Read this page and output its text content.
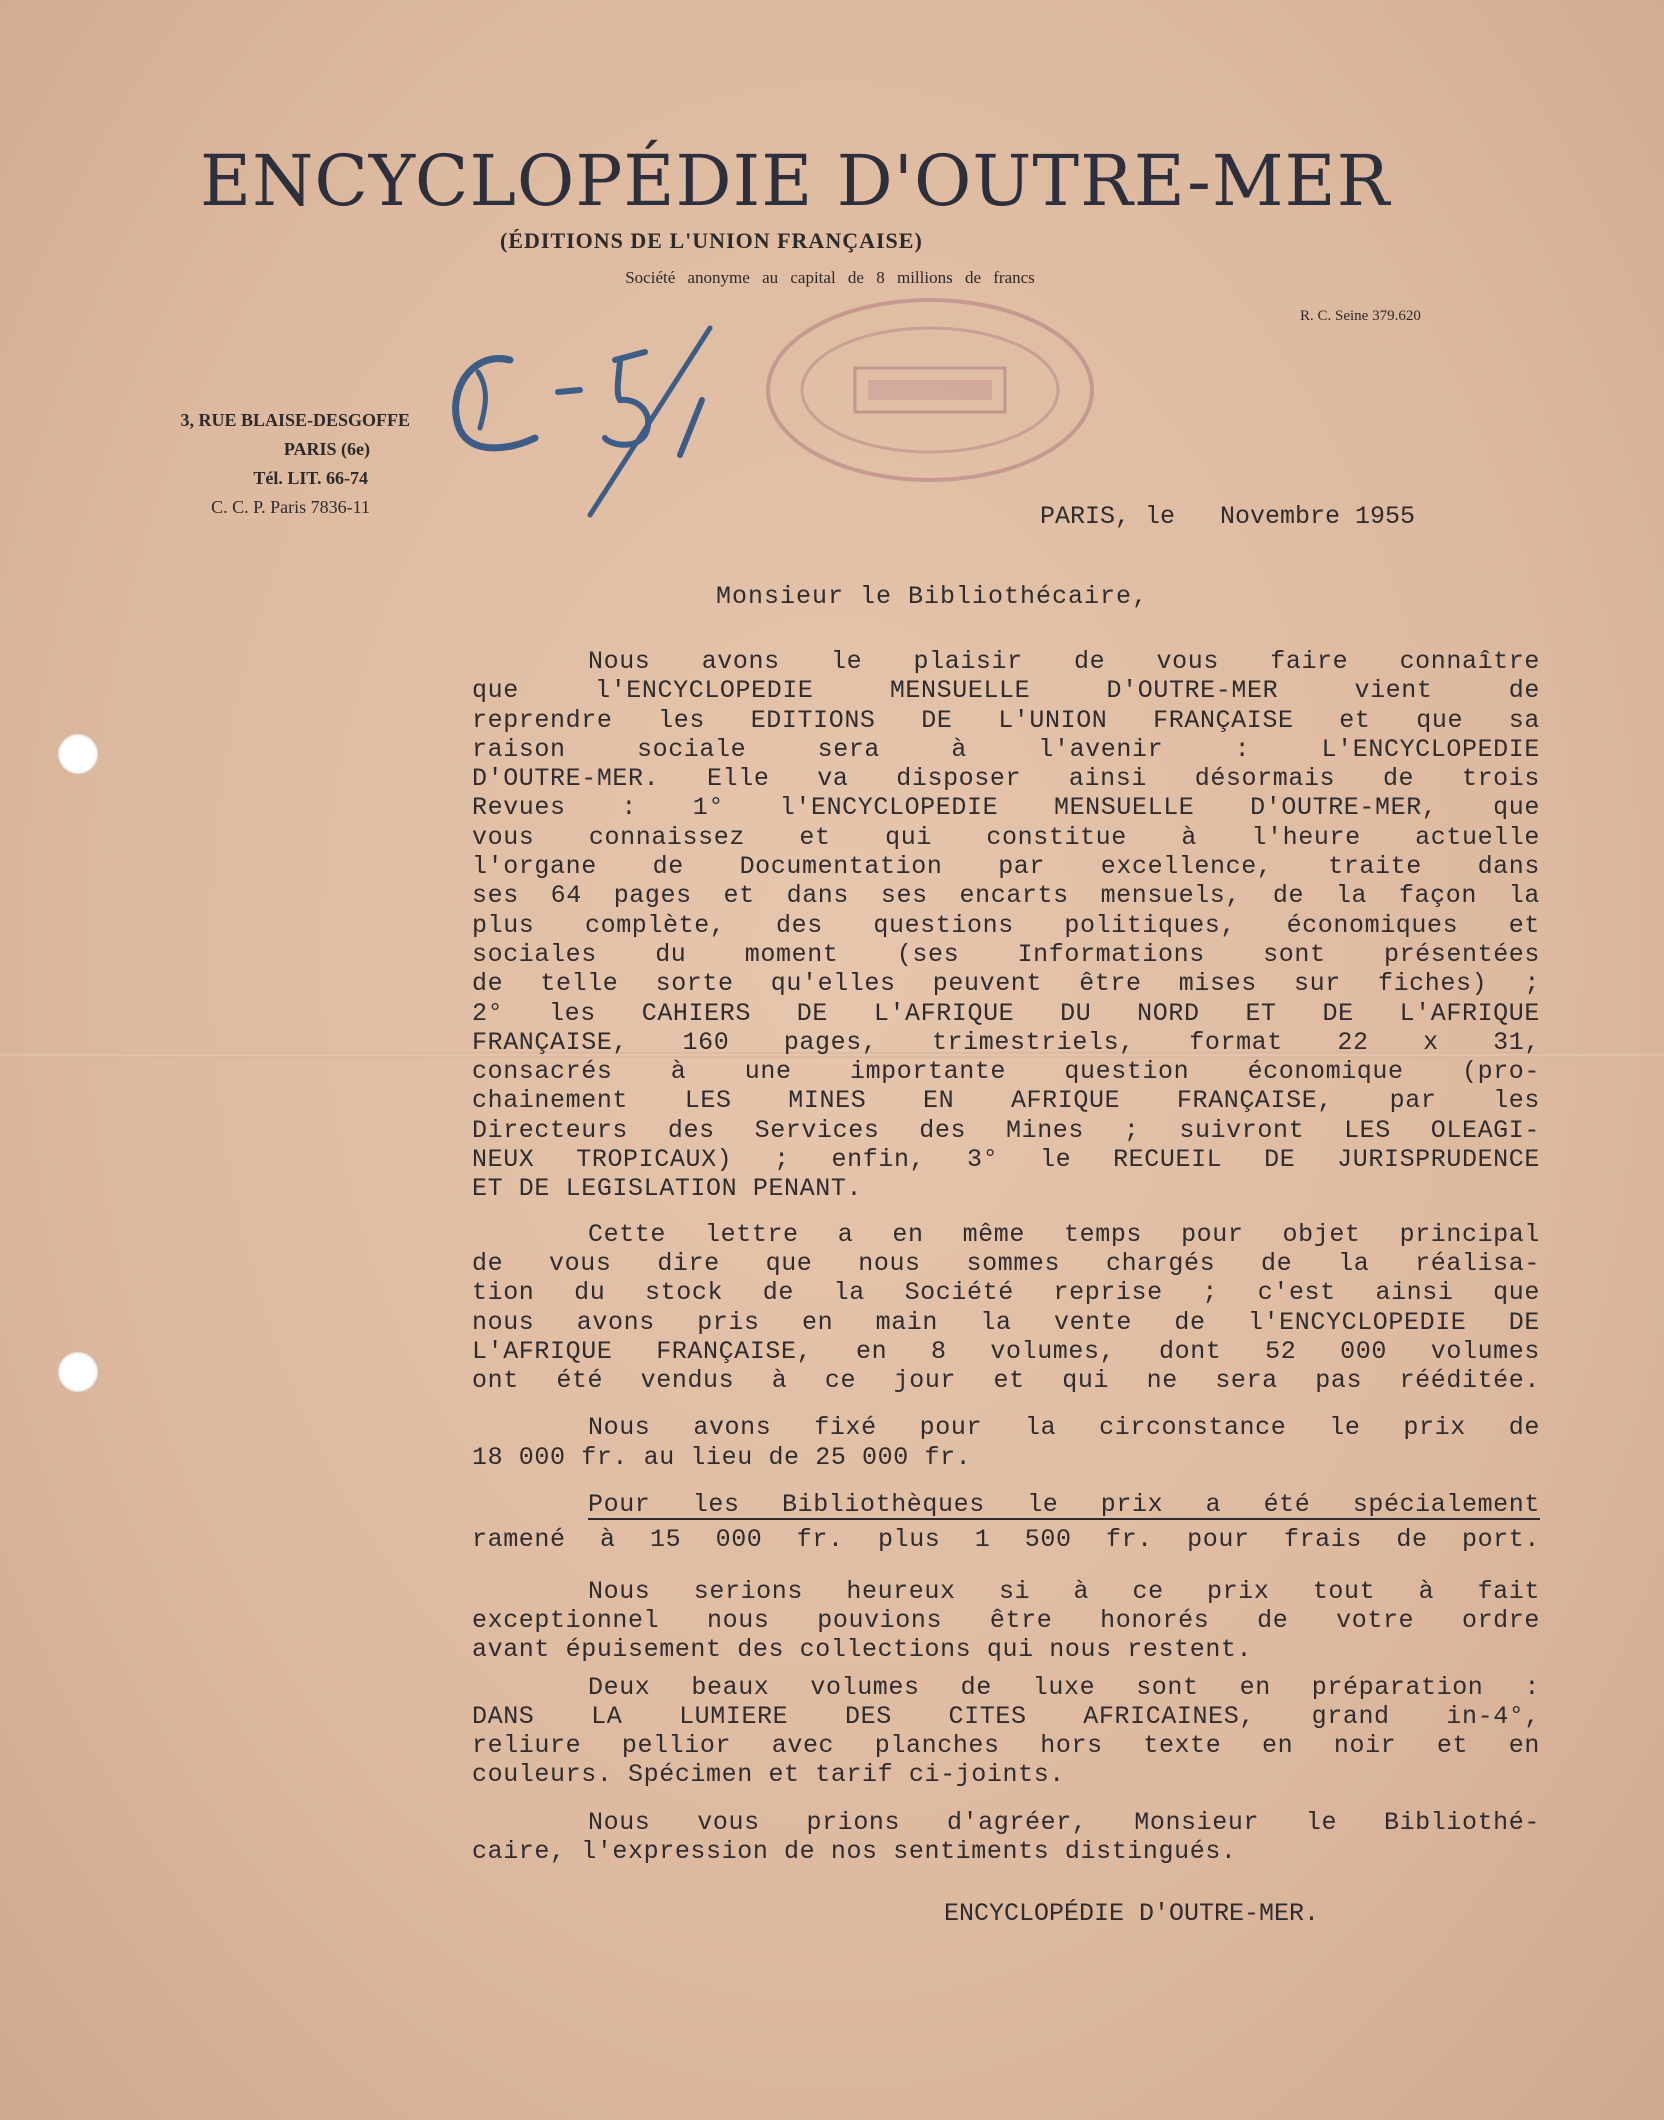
ENCYCLOPÉDIE D'OUTRE-MER
(ÉDITIONS DE L'UNION FRANÇAISE)
Société anonyme au capital de 8 millions de francs
R. C. Seine 379.620
3, RUE BLAISE-DESGOFFE
PARIS (6e)
Tél. LIT. 66-74
C. C. P. Paris 7836-11	PARIS, le   Novembre 1955
Monsieur le Bibliothécaire,
Nous avons le plaisir de vous faire connaître
que l'ENCYCLOPEDIE MENSUELLE D'OUTRE-MER vient de
reprendre les EDITIONS DE L'UNION FRANÇAISE et que sa
raison sociale sera à l'avenir : L'ENCYCLOPEDIE
D'OUTRE-MER. Elle va disposer ainsi désormais de trois
Revues : 1° l'ENCYCLOPEDIE MENSUELLE D'OUTRE-MER, que
vous connaissez et qui constitue à l'heure actuelle
l'organe de Documentation par excellence, traite dans
ses 64 pages et dans ses encarts mensuels, de la façon la
plus complète, des questions politiques, économiques et
sociales du moment (ses Informations sont présentées
de telle sorte qu'elles peuvent être mises sur fiches) ;
2° les CAHIERS DE L'AFRIQUE DU NORD ET DE L'AFRIQUE
FRANÇAISE, 160 pages, trimestriels, format 22 x 31,
consacrés à une importante question économique (pro-
chainement LES MINES EN AFRIQUE FRANÇAISE, par les
Directeurs des Services des Mines ; suivront LES OLEAGI-
NEUX TROPICAUX) ; enfin, 3° le RECUEIL DE JURISPRUDENCE
ET DE LEGISLATION PENANT.
Cette lettre a en même temps pour objet principal
de vous dire que nous sommes chargés de la réalisa-
tion du stock de la Société reprise ; c'est ainsi que
nous avons pris en main la vente de l'ENCYCLOPEDIE DE
L'AFRIQUE FRANÇAISE, en 8 volumes, dont 52 000 volumes
ont été vendus à ce jour et qui ne sera pas rééditée.
Nous avons fixé pour la circonstance le prix de
18 000 fr. au lieu de 25 000 fr.
Pour les Bibliothèques le prix a été spécialement
ramené à 15 000 fr. plus 1 500 fr. pour frais de port.
Nous serions heureux si à ce prix tout à fait
exceptionnel nous pouvions être honorés de votre ordre
avant épuisement des collections qui nous restent.
Deux beaux volumes de luxe sont en préparation :
DANS LA LUMIERE DES CITES AFRICAINES, grand in-4°,
reliure pellior avec planches hors texte en noir et en
couleurs. Spécimen et tarif ci-joints.
Nous vous prions d'agréer, Monsieur le Bibliothé-
caire, l'expression de nos sentiments distingués.
ENCYCLOPÉDIE D'OUTRE-MER.
